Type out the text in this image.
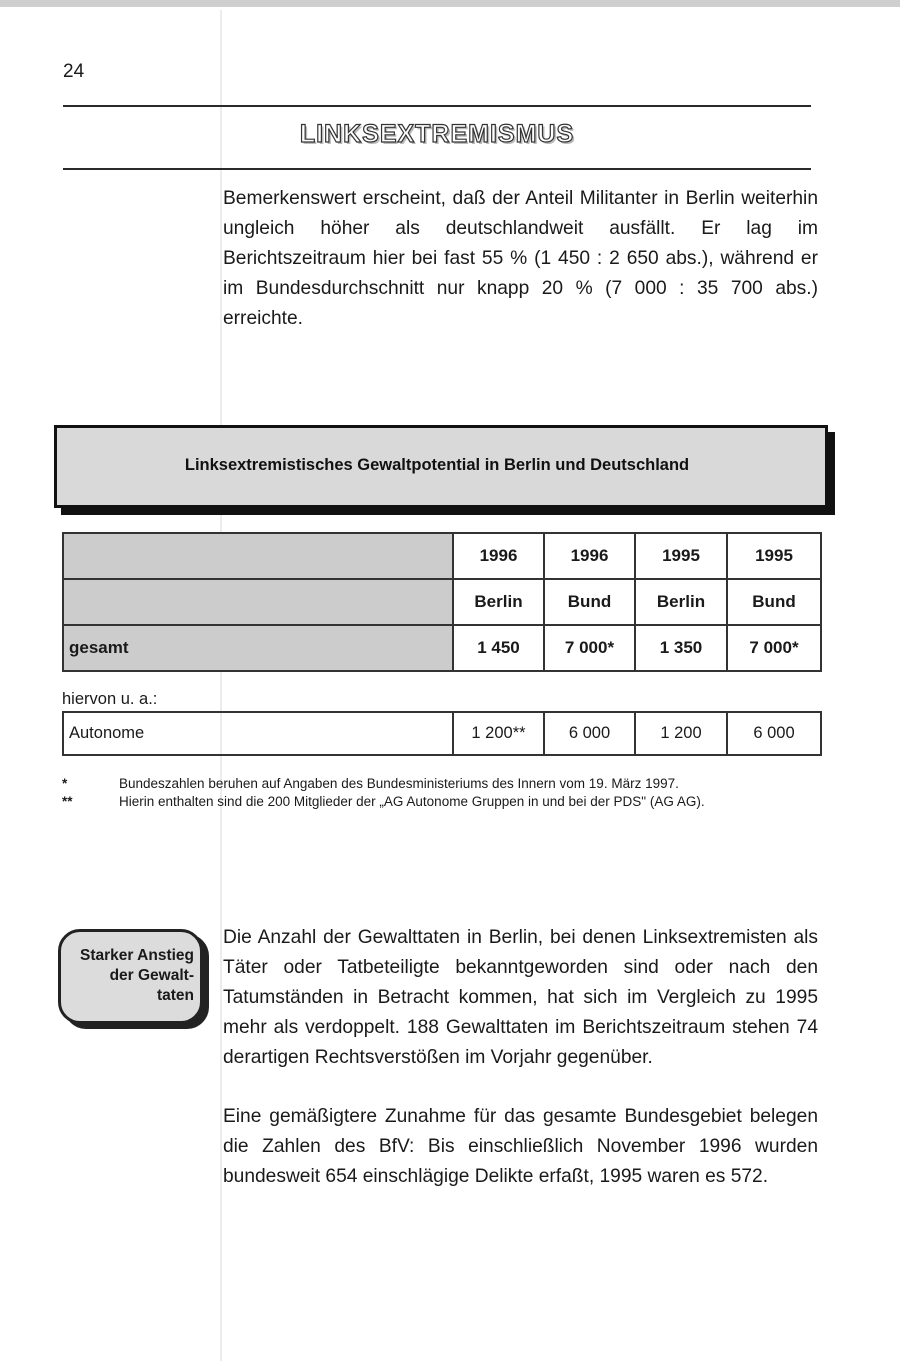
24
LINKSEXTREMISMUS

Bemerkenswert erscheint, daß der Anteil Militanter in Berlin weiterhin ungleich höher als deutschlandweit ausfällt. Er lag im Berichtszeitraum hier bei fast 55 % (1 450 : 2 650 abs.), während er im Bundesdurchschnitt nur knapp 20 % (7 000 : 35 700 abs.) erreichte.

Linksextremistisches Gewaltpotential in Berlin und Deutschland
	1996	1996	1995	1995
	Berlin	Bund	Berlin	Bund
gesamt	1 450	7 000*	1 350	7 000*
hiervon u. a.:
Autonome	1 200**	6 000	1 200	6 000
*	Bundeszahlen beruhen auf Angaben des Bundesministeriums des Innern vom 19. März 1997.
**	Hierin enthalten sind die 200 Mitglieder der „AG Autonome Gruppen in und bei der PDS" (AG AG).
Starker Anstieg
der Gewalt-
taten

Die Anzahl der Gewalttaten in Berlin, bei denen Linksextremisten als Täter oder Tatbeteiligte bekanntgeworden sind oder nach den Tatumständen in Betracht kommen, hat sich im Vergleich zu 1995 mehr als verdoppelt. 188 Gewalttaten im Berichtszeitraum stehen 74 derartigen Rechtsverstößen im Vorjahr gegenüber.

Eine gemäßigtere Zunahme für das gesamte Bundesgebiet belegen die Zahlen des BfV: Bis einschließlich November 1996 wurden bundesweit 654 einschlägige Delikte erfaßt, 1995 waren es 572.
